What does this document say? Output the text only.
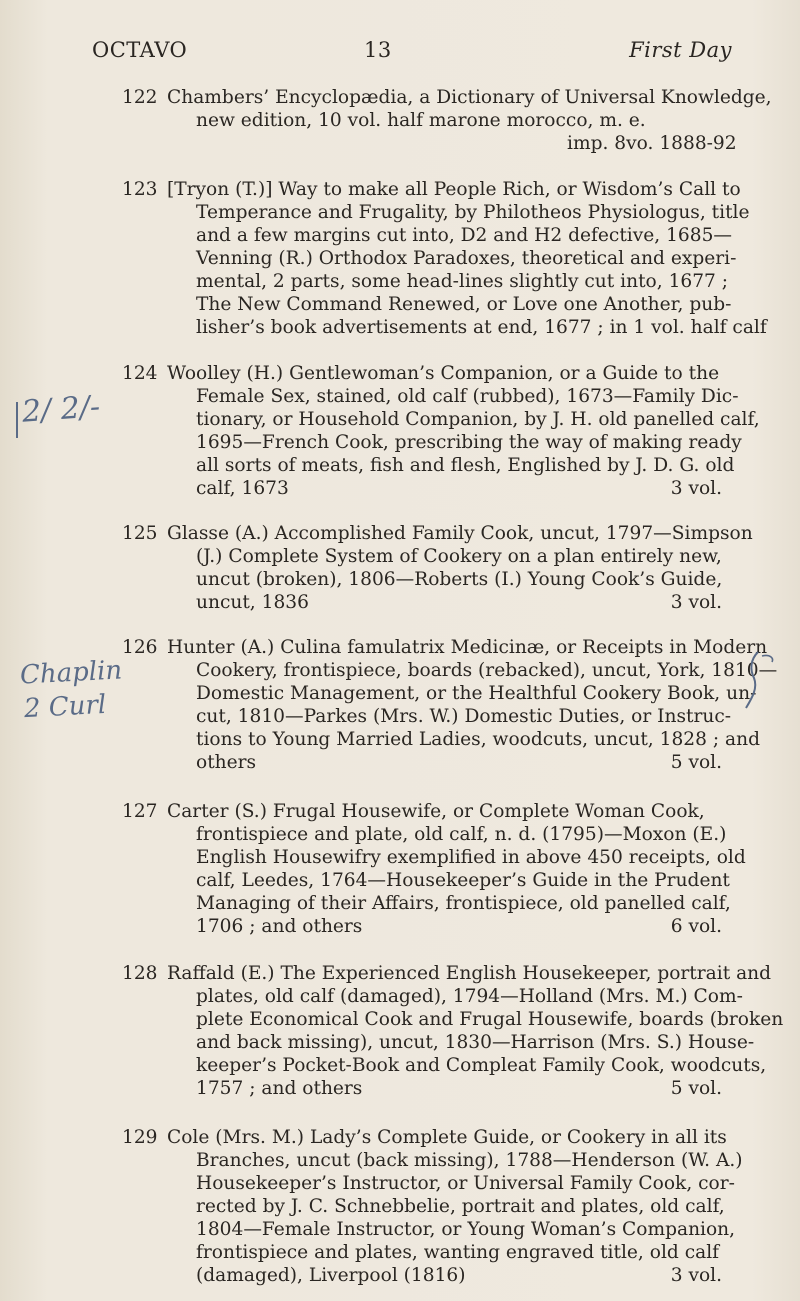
OCTAVO	13	First Day
122 Chambers’ Encyclopædia, a Dictionary of Universal Knowledge,
new edition, 10 vol. half marone morocco, m. e.
imp. 8vo. 1888-92
123 [Tryon (T.)] Way to make all People Rich, or Wisdom’s Call to
Temperance and Frugality, by Philotheos Physiologus, title
and a few margins cut into, D2 and H2 defective, 1685—
Venning (R.) Orthodox Paradoxes, theoretical and experi-
mental, 2 parts, some head-lines slightly cut into, 1677 ;
The New Command Renewed, or Love one Another, pub-
lisher’s book advertisements at end, 1677 ; in 1 vol. half calf
124 Woolley (H.) Gentlewoman’s Companion, or a Guide to the
Female Sex, stained, old calf (rubbed), 1673—Family Dic-
tionary, or Household Companion, by J. H. old panelled calf,
1695—French Cook, prescribing the way of making ready
all sorts of meats, fish and flesh, Englished by J. D. G. old
calf, 1673	3 vol.
125 Glasse (A.) Accomplished Family Cook, uncut, 1797—Simpson
(J.) Complete System of Cookery on a plan entirely new,
uncut (broken), 1806—Roberts (I.) Young Cook’s Guide,
uncut, 1836	3 vol.
126 Hunter (A.) Culina famulatrix Medicinæ, or Receipts in Modern
Cookery, frontispiece, boards (rebacked), uncut, York, 1810—
Domestic Management, or the Healthful Cookery Book, un-
cut, 1810—Parkes (Mrs. W.) Domestic Duties, or Instruc-
tions to Young Married Ladies, woodcuts, uncut, 1828 ; and
others	5 vol.
127 Carter (S.) Frugal Housewife, or Complete Woman Cook,
frontispiece and plate, old calf, n. d. (1795)—Moxon (E.)
English Housewifry exemplified in above 450 receipts, old
calf, Leedes, 1764—Housekeeper’s Guide in the Prudent
Managing of their Affairs, frontispiece, old panelled calf,
1706 ; and others	6 vol.
128 Raffald (E.) The Experienced English Housekeeper, portrait and
plates, old calf (damaged), 1794—Holland (Mrs. M.) Com-
plete Economical Cook and Frugal Housewife, boards (broken
and back missing), uncut, 1830—Harrison (Mrs. S.) House-
keeper’s Pocket-Book and Compleat Family Cook, woodcuts,
1757 ; and others	5 vol.
129 Cole (Mrs. M.) Lady’s Complete Guide, or Cookery in all its
Branches, uncut (back missing), 1788—Henderson (W. A.)
Housekeeper’s Instructor, or Universal Family Cook, cor-
rected by J. C. Schnebbelie, portrait and plates, old calf,
1804—Female Instructor, or Young Woman’s Companion,
frontispiece and plates, wanting engraved title, old calf
(damaged), Liverpool (1816)	3 vol.
2/ 2/-
Chaplin
2 Curl
